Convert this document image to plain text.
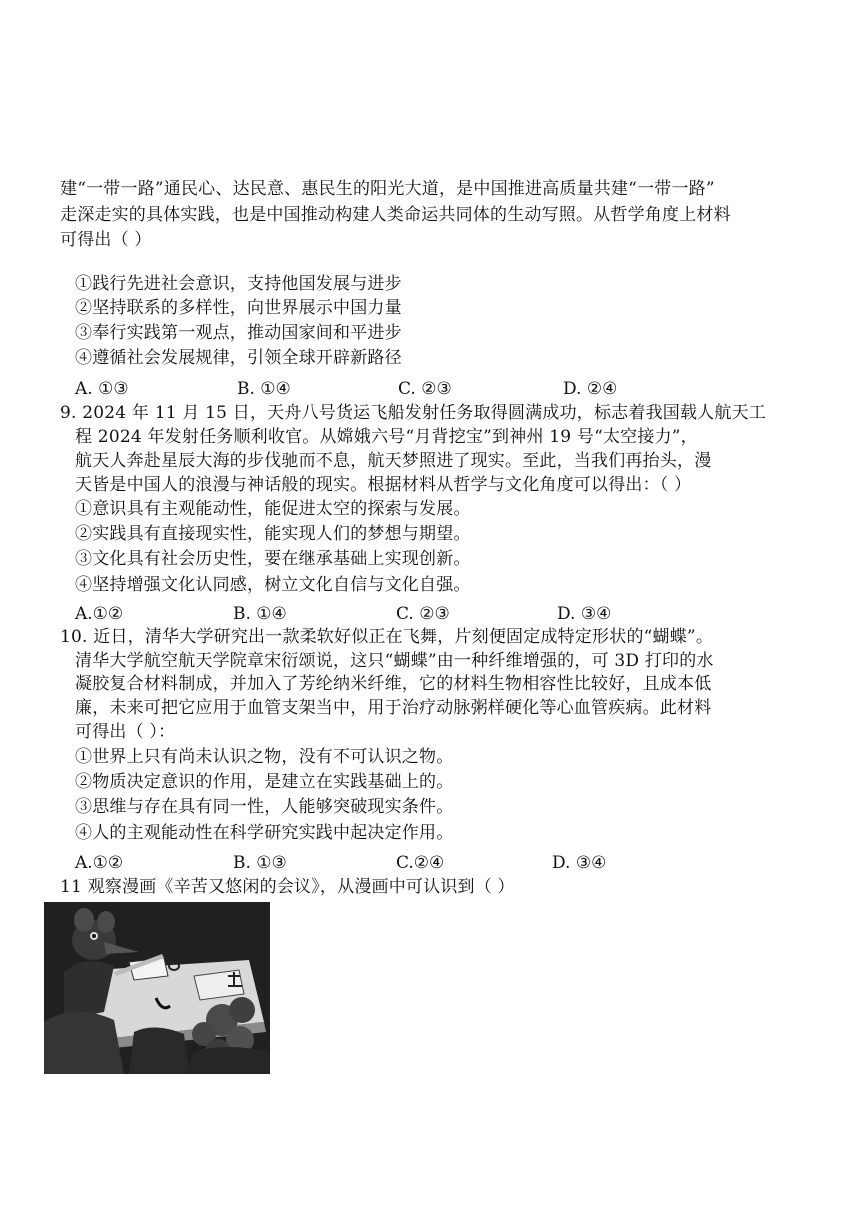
建“一带一路”通民心、达民意、惠民生的阳光大道，是中国推进高质量共建“一带一路”
走深走实的具体实践，也是中国推动构建人类命运共同体的生动写照。从哲学角度上材料
可得出（ ）
①践行先进社会意识，支持他国发展与进步
②坚持联系的多样性，向世界展示中国力量
③奉行实践第一观点，推动国家间和平进步
④遵循社会发展规律，引领全球开辟新路径
A. ①③	B. ①④	C. ②③	D. ②④
9. 2024 年 11 月 15 日，天舟八号货运飞船发射任务取得圆满成功，标志着我国载人航天工
程 2024 年发射任务顺利收官。从嫦娥六号“月背挖宝”到神州 19 号“太空接力”，
航天人奔赴星辰大海的步伐驰而不息，航天梦照进了现实。至此，当我们再抬头，漫
天皆是中国人的浪漫与神话般的现实。根据材料从哲学与文化角度可以得出：（ ）
①意识具有主观能动性，能促进太空的探索与发展。
②实践具有直接现实性，能实现人们的梦想与期望。
③文化具有社会历史性，要在继承基础上实现创新。
④坚持增强文化认同感，树立文化自信与文化自强。
A.①②	B. ①④	C. ②③	D. ③④
10. 近日，清华大学研究出一款柔软好似正在飞舞，片刻便固定成特定形状的“蝴蝶”。
清华大学航空航天学院章宋衍颂说，这只“蝴蝶”由一种纤维增强的，可 3D 打印的水
凝胶复合材料制成，并加入了芳纶纳米纤维，它的材料生物相容性比较好，且成本低
廉，未来可把它应用于血管支架当中，用于治疗动脉粥样硬化等心血管疾病。此材料
可得出（ ）：
①世界上只有尚未认识之物，没有不可认识之物。
②物质决定意识的作用，是建立在实践基础上的。
③思维与存在具有同一性，人能够突破现实条件。
④人的主观能动性在科学研究实践中起决定作用。
A.①②	B. ①③	C.②④	D. ③④
11 观察漫画《辛苦又悠闲的会议》，从漫画中可认识到（ ）
